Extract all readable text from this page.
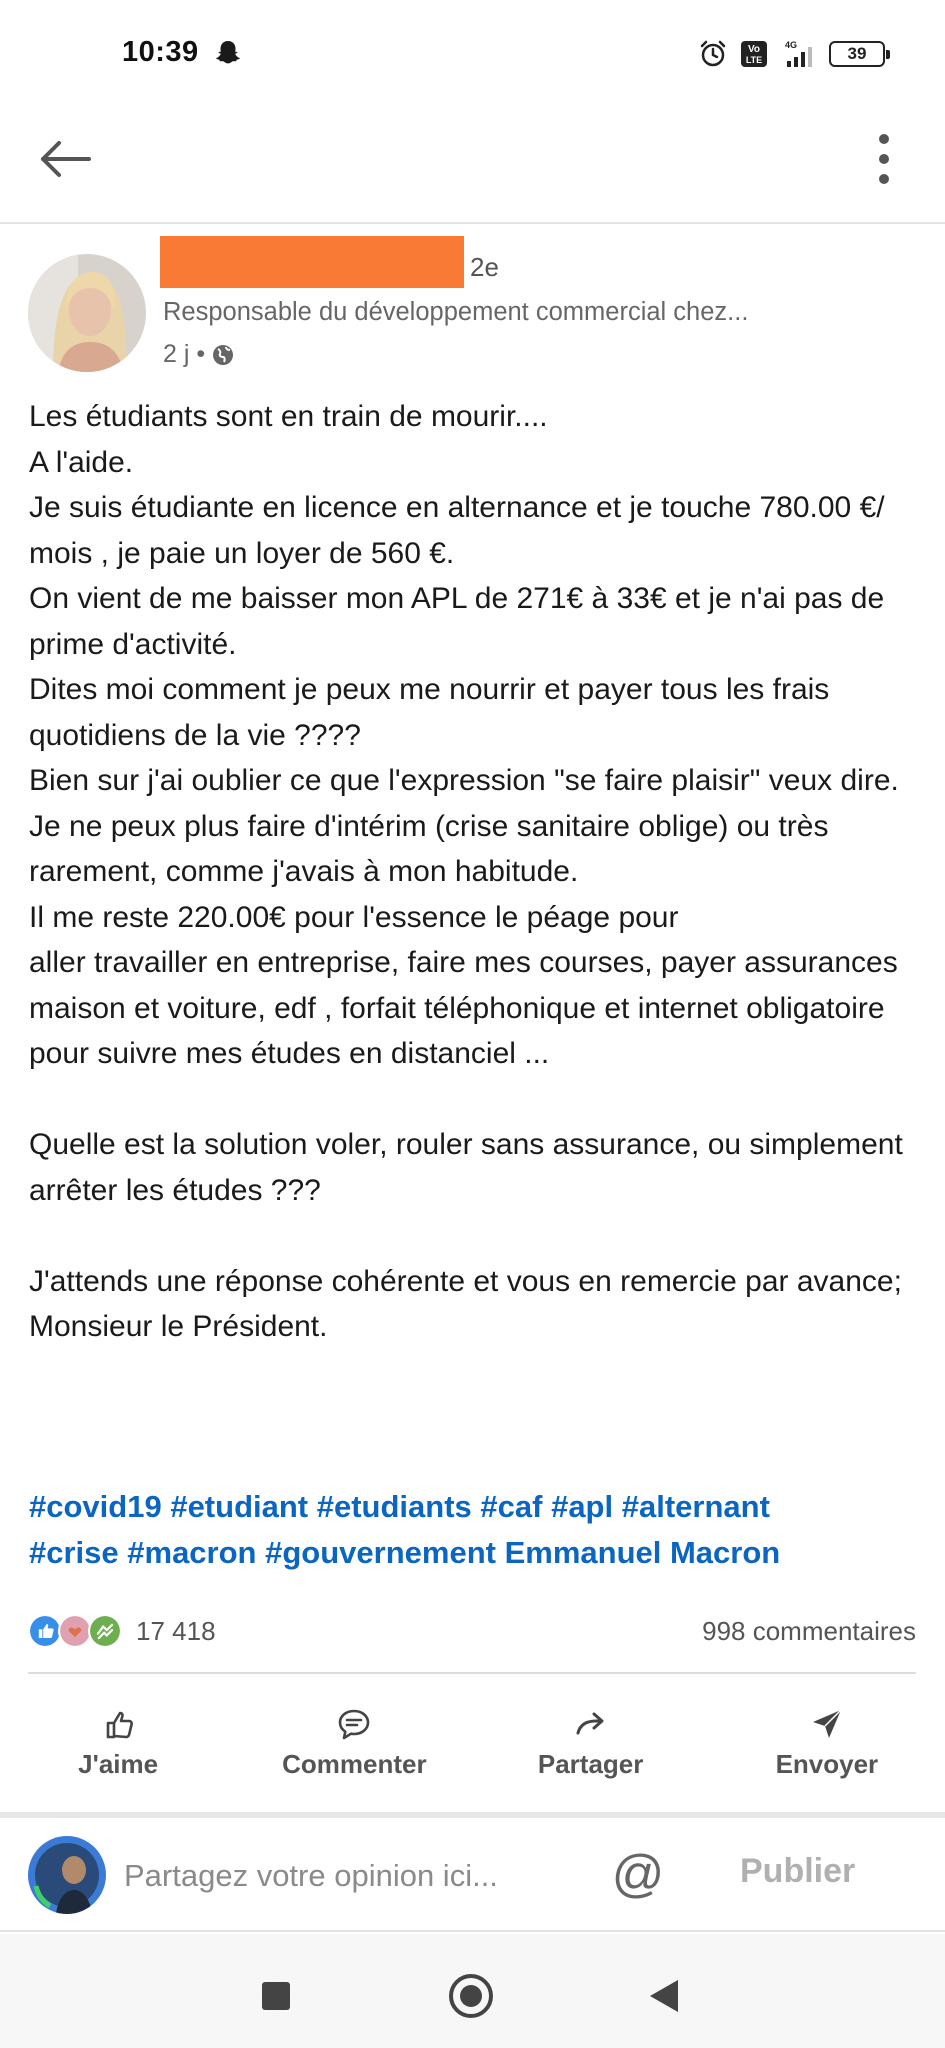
10:39	Vo
LTE
4G	39
2e
Responsable du développement commercial chez...
2 j •
Les étudiants sont en train de mourir....
A l'aide.
Je suis étudiante en licence en alternance et je touche 780.00 €/ mois , je paie un loyer de 560 €.
On vient de me baisser mon APL de 271€ à 33€ et je n'ai pas de prime d'activité.
Dites moi comment je peux me nourrir et payer tous les frais quotidiens de la vie ????
Bien sur j'ai oublier ce que l'expression "se faire plaisir" veux dire.
Je ne peux plus faire d'intérim (crise sanitaire oblige) ou très rarement, comme j'avais à mon habitude.
Il me reste 220.00€ pour l'essence le péage pour
aller travailler en entreprise, faire mes courses, payer assurances maison et voiture, edf , forfait téléphonique et internet obligatoire pour suivre mes études en distanciel ...

Quelle est la solution voler, rouler sans assurance, ou simplement arrêter les études ???

J'attends une réponse cohérente et vous en remercie par avance;
Monsieur le Président.
#covid19 #etudiant #etudiants #caf #apl #alternant
#crise #macron #gouvernement Emmanuel Macron
17 418	998 commentaires
J'aime	Commenter	Partager	Envoyer
Partagez votre opinion ici...
@ Publier
